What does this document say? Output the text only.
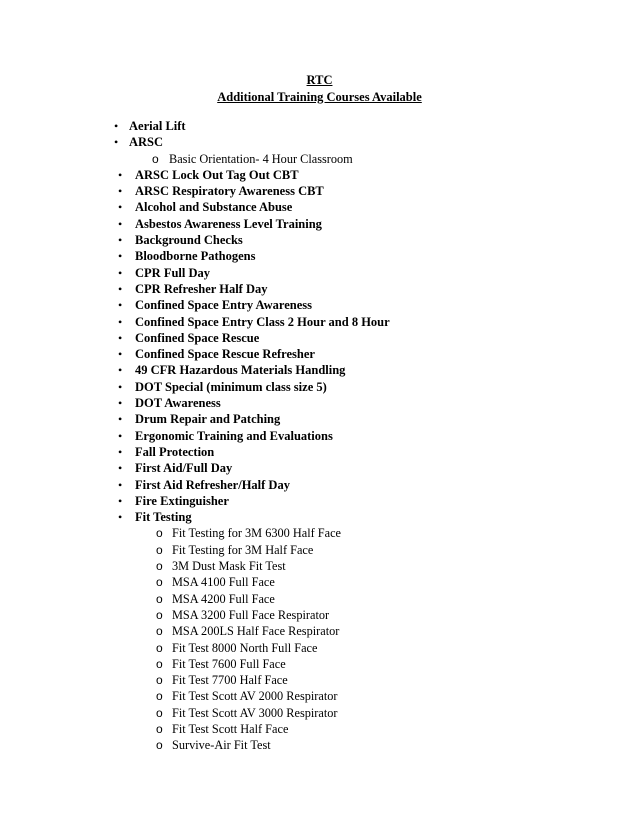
RTC
Additional Training Courses Available
• Aerial Lift
• ARSC
o Basic Orientation- 4 Hour Classroom
• ARSC Lock Out Tag Out CBT
• ARSC Respiratory Awareness CBT
• Alcohol and Substance Abuse
• Asbestos Awareness Level Training
• Background Checks
• Bloodborne Pathogens
• CPR Full Day
• CPR Refresher Half Day
• Confined Space Entry Awareness
• Confined Space Entry Class 2 Hour and 8 Hour
• Confined Space Rescue
• Confined Space Rescue Refresher
• 49 CFR Hazardous Materials Handling
• DOT Special (minimum class size 5)
• DOT Awareness
• Drum Repair and Patching
• Ergonomic Training and Evaluations
• Fall Protection
• First Aid/Full Day
• First Aid Refresher/Half Day
• Fire Extinguisher
• Fit Testing
o Fit Testing for 3M 6300 Half Face
o Fit Testing for 3M Half Face
o 3M Dust Mask Fit Test
o MSA 4100 Full Face
o MSA 4200 Full Face
o MSA 3200 Full Face Respirator
o MSA 200LS Half Face Respirator
o Fit Test 8000 North Full Face
o Fit Test 7600 Full Face
o Fit Test 7700 Half Face
o Fit Test Scott AV 2000 Respirator
o Fit Test Scott AV 3000 Respirator
o Fit Test Scott Half Face
o Survive-Air Fit Test
